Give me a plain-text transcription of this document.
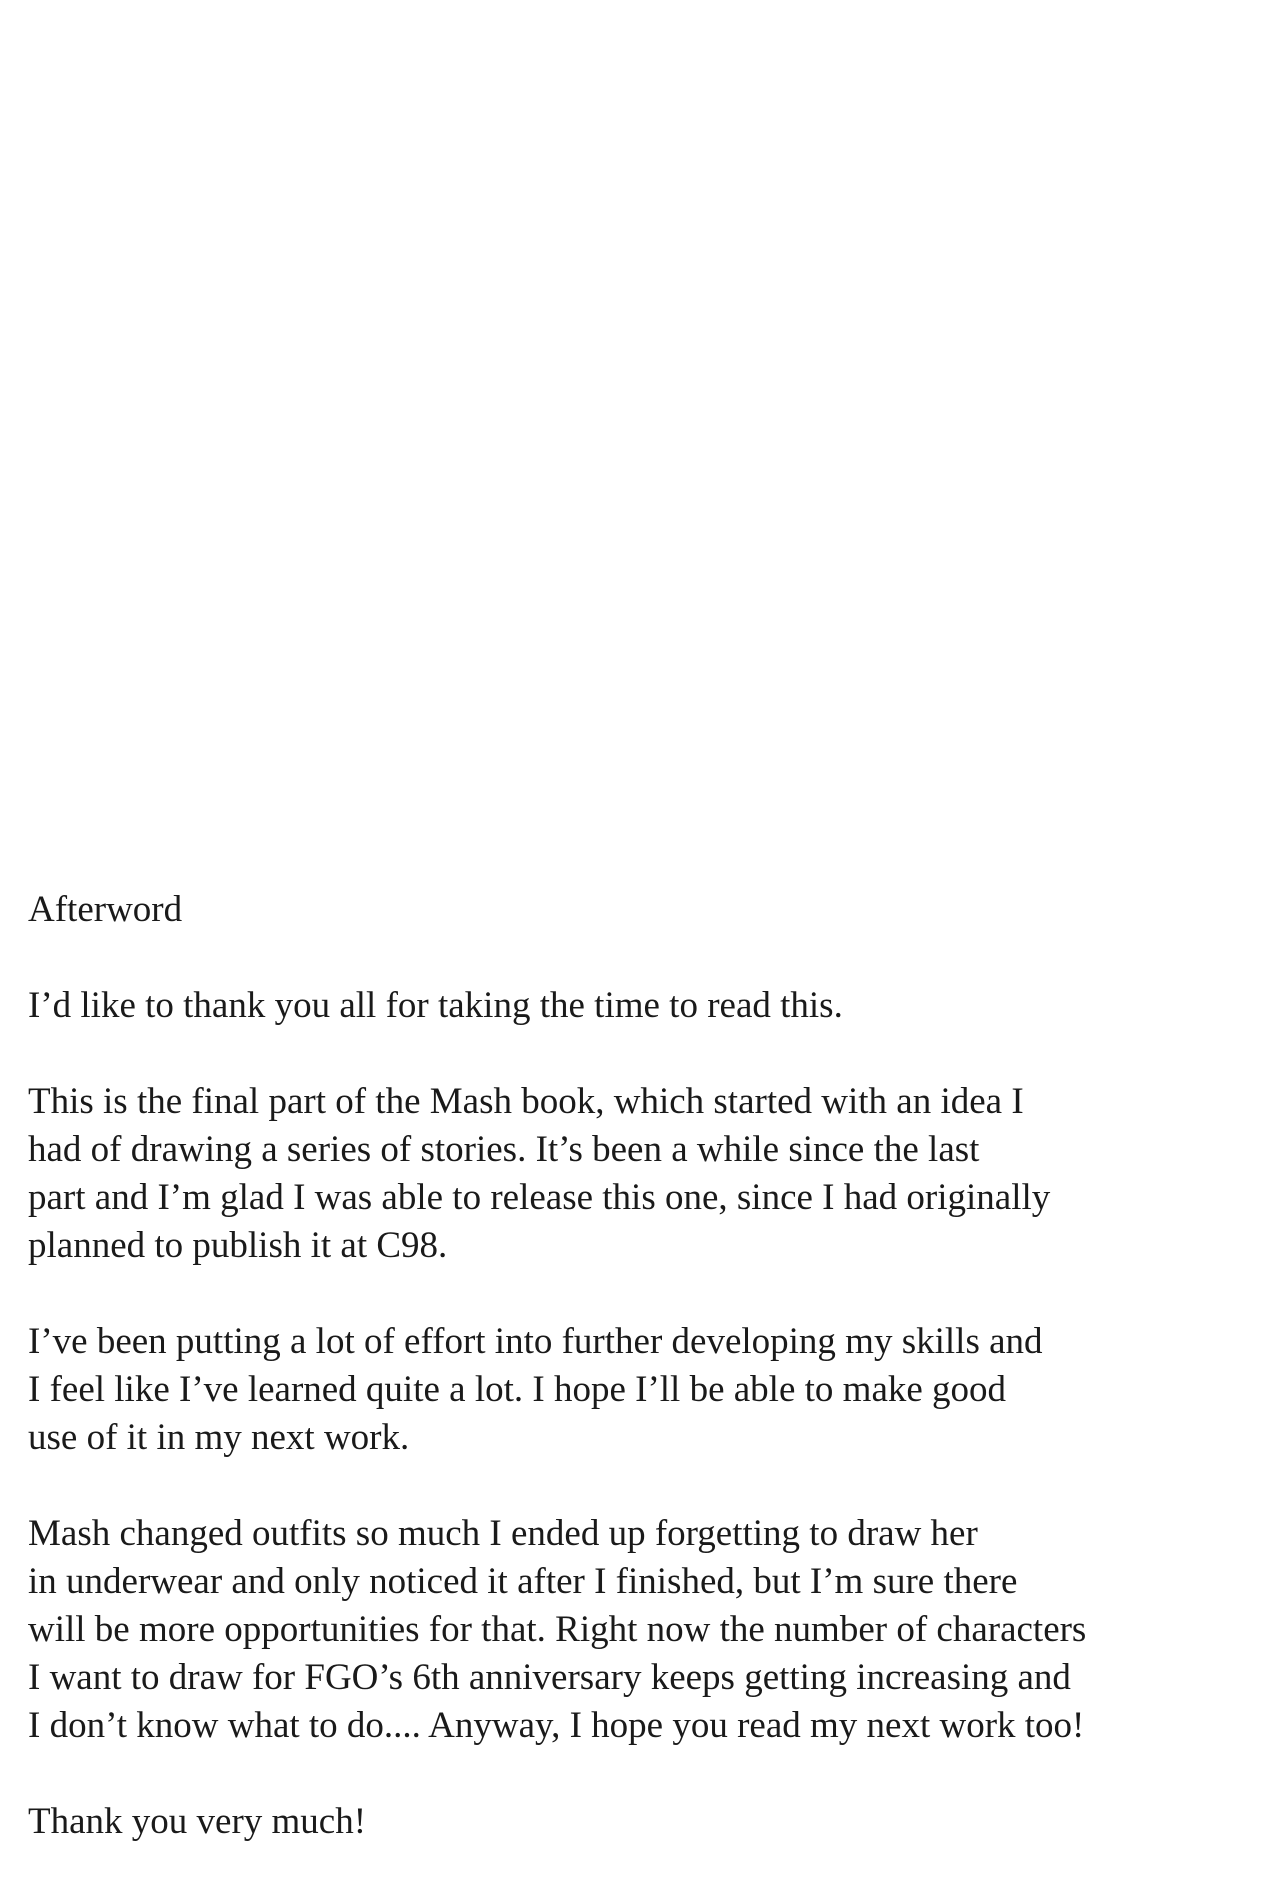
Afterword
I’d like to thank you all for taking the time to read this.
This is the final part of the Mash book, which started with an idea I
had of drawing a series of stories. It’s been a while since the last
part and I’m glad I was able to release this one, since I had originally
planned to publish it at C98.
I’ve been putting a lot of effort into further developing my skills and
I feel like I’ve learned quite a lot. I hope I’ll be able to make good
use of it in my next work.
Mash changed outfits so much I ended up forgetting to draw her
in underwear and only noticed it after I finished, but I’m sure there
will be more opportunities for that. Right now the number of characters
I want to draw for FGO’s 6th anniversary keeps getting increasing and
I don’t know what to do.... Anyway, I hope you read my next work too!
Thank you very much!
